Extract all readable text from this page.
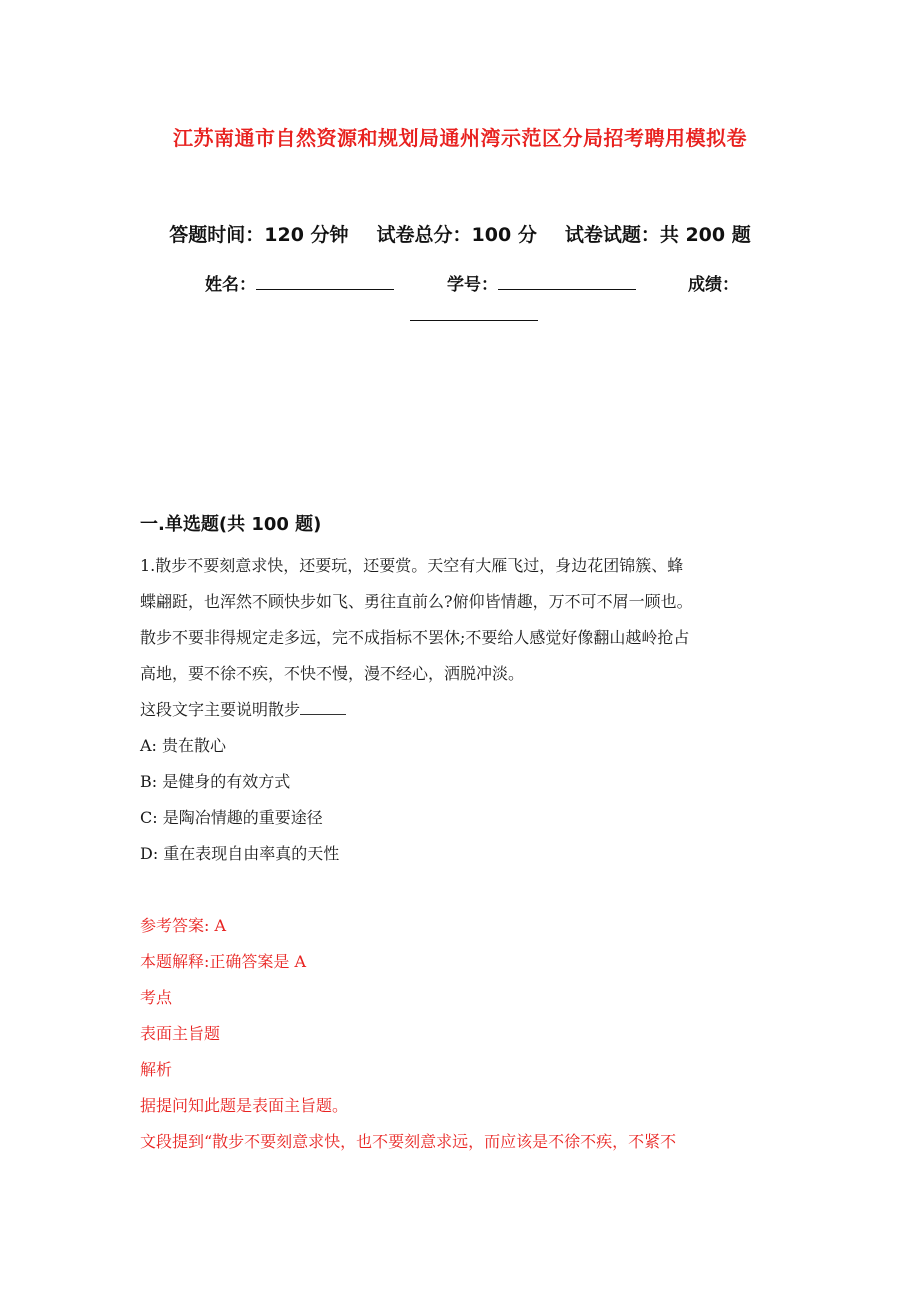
江苏南通市自然资源和规划局通州湾示范区分局招考聘用模拟卷
答题时间：120 分钟 试卷总分：100 分 试卷试题：共 200 题
姓名：	学号：	成绩：
一.单选题(共 100 题)

1.散步不要刻意求快，还要玩，还要赏。天空有大雁飞过，身边花团锦簇、蜂

蝶翩跹，也浑然不顾快步如飞、勇往直前么?俯仰皆情趣，万不可不屑一顾也。

散步不要非得规定走多远，完不成指标不罢休;不要给人感觉好像翻山越岭抢占

高地，要不徐不疾，不快不慢，漫不经心，洒脱冲淡。

这段文字主要说明散步

A: 贵在散心

B: 是健身的有效方式

C: 是陶冶情趣的重要途径

D: 重在表现自由率真的天性

参考答案: A

本题解释:正确答案是 A

考点

表面主旨题

解析

据提问知此题是表面主旨题。

文段提到“散步不要刻意求快，也不要刻意求远，而应该是不徐不疾，不紧不
